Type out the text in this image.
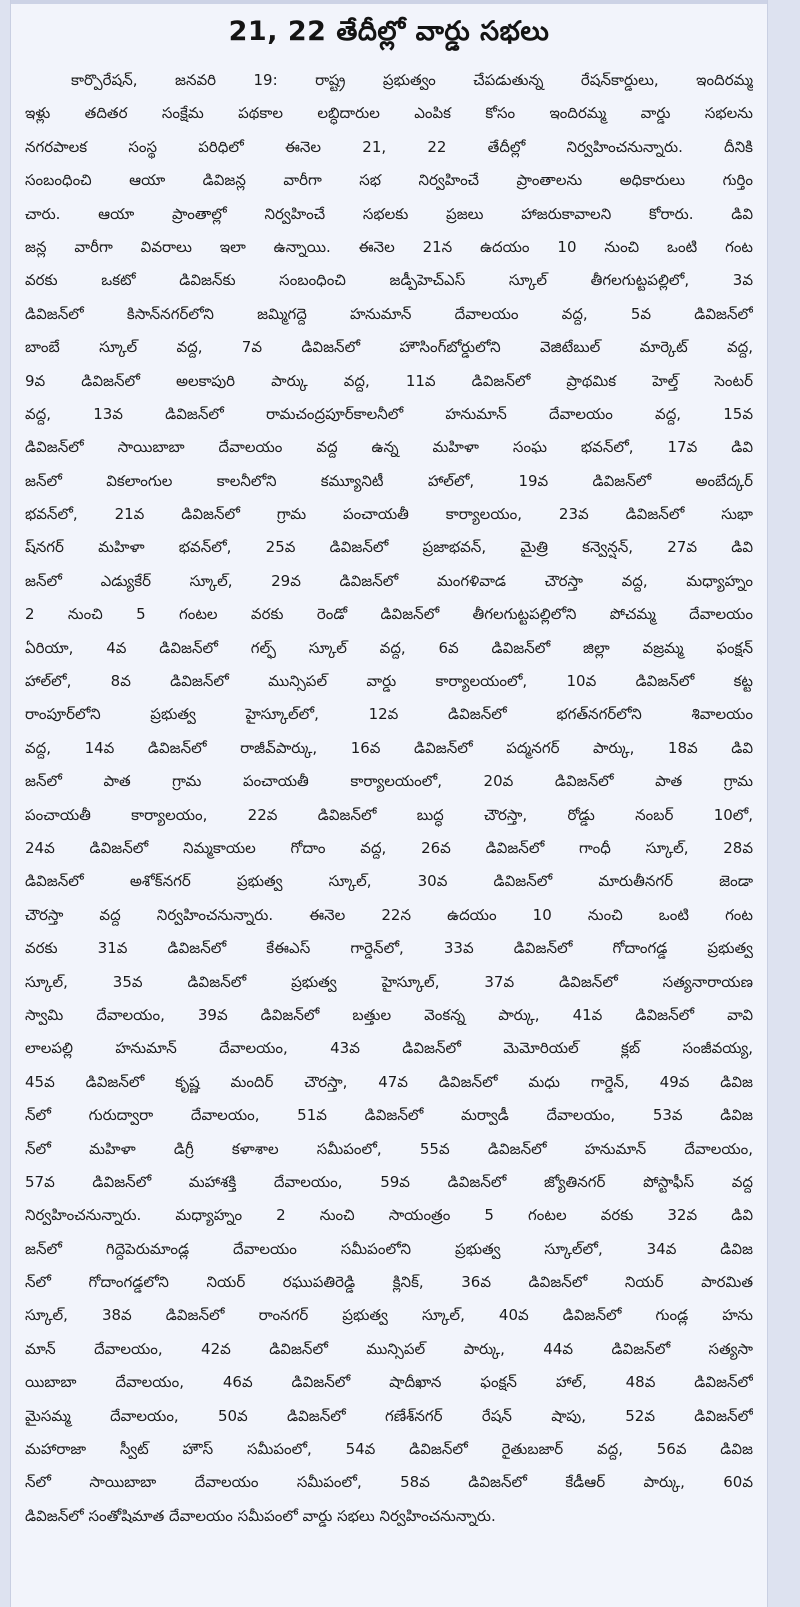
21, 22 తేదీల్లో వార్డు సభలు
కార్పొరేషన్, జనవరి 19: రాష్ట్ర ప్రభుత్వం చేపడుతున్న రేషన్‌కార్డులు, ఇందిరమ్మ
ఇళ్లు తదితర సంక్షేమ పథకాల లబ్ధిదారుల ఎంపిక కోసం ఇందిరమ్మ వార్డు సభలను
నగరపాలక సంస్థ పరిధిలో ఈనెల 21, 22 తేదీల్లో నిర్వహించనున్నారు. దీనికి
సంబంధించి ఆయా డివిజన్ల వారీగా సభ నిర్వహించే ప్రాంతాలను అధికారులు గుర్తిం
చారు. ఆయా ప్రాంతాల్లో నిర్వహించే సభలకు ప్రజలు హాజరుకావాలని కోరారు. డివి
జన్ల వారీగా వివరాలు ఇలా ఉన్నాయి. ఈనెల 21న ఉదయం 10 నుంచి ఒంటి గంట
వరకు ఒకటో డివిజన్‌కు సంబంధించి జడ్పీహెచ్ఎస్ స్కూల్ తీగలగుట్టపల్లిలో, 3వ
డివిజన్‌లో కిసాన్‌నగర్‌లోని జమ్మిగద్దె హనుమాన్ దేవాలయం వద్ద, 5వ డివిజన్‌లో
బాంబే స్కూల్ వద్ద, 7వ డివిజన్‌లో హౌసింగ్‌బోర్డులోని వెజిటేబుల్ మార్కెట్ వద్ద,
9వ డివిజన్‌లో అలకాపురి పార్కు వద్ద, 11వ డివిజన్‌లో ప్రాథమిక హెల్త్ సెంటర్
వద్ద, 13వ డివిజన్‌లో రామచంద్రపూర్‌కాలనీలో హనుమాన్ దేవాలయం వద్ద, 15వ
డివిజన్‌లో సాయిబాబా దేవాలయం వద్ద ఉన్న మహిళా సంఘ భవన్‌లో, 17వ డివి
జన్‌లో వికలాంగుల కాలనీలోని కమ్యూనిటీ హాల్‌లో, 19వ డివిజన్‌లో అంబేద్కర్
భవన్‌లో, 21వ డివిజన్‌లో గ్రామ పంచాయతీ కార్యాలయం, 23వ డివిజన్‌లో సుభా
ష్‌నగర్ మహిళా భవన్‌లో, 25వ డివిజన్‌లో ప్రజాభవన్, మైత్రి కన్వెన్షన్, 27వ డివి
జన్‌లో ఎడ్యుకేర్ స్కూల్, 29వ డివిజన్‌లో మంగళివాడ చౌరస్తా వద్ద, మధ్యాహ్నం
2 నుంచి 5 గంటల వరకు రెండో డివిజన్‌లో తీగలగుట్టపల్లిలోని పోచమ్మ దేవాలయం
ఏరియా, 4వ డివిజన్‌లో గల్ఫ్ స్కూల్ వద్ద, 6వ డివిజన్‌లో జిల్లా వజ్రమ్మ ఫంక్షన్
హాల్‌లో, 8వ డివిజన్‌లో మున్సిపల్ వార్డు కార్యాలయంలో, 10వ డివిజన్‌లో కట్ట
రాంపూర్‌లోని ప్రభుత్వ హైస్కూల్‌లో, 12వ డివిజన్‌లో భగత్‌నగర్‌లోని శివాలయం
వద్ద, 14వ డివిజన్‌లో రాజీవ్‌పార్కు, 16వ డివిజన్‌లో పద్మనగర్ పార్కు, 18వ డివి
జన్‌లో పాత గ్రామ పంచాయతీ కార్యాలయంలో, 20వ డివిజన్‌లో పాత గ్రామ
పంచాయతీ కార్యాలయం, 22వ డివిజన్‌లో బుద్ధ చౌరస్తా, రోడ్డు నంబర్ 10లో,
24వ డివిజన్‌లో నిమ్మకాయల గోదాం వద్ద, 26వ డివిజన్‌లో గాంధీ స్కూల్, 28వ
డివిజన్‌లో అశోక్‌నగర్ ప్రభుత్వ స్కూల్, 30వ డివిజన్‌లో మారుతీనగర్ జెండా
చౌరస్తా వద్ద నిర్వహించనున్నారు. ఈనెల 22న ఉదయం 10 నుంచి ఒంటి గంట
వరకు 31వ డివిజన్‌లో కేఈఎస్ గార్డెన్‌లో, 33వ డివిజన్‌లో గోదాంగడ్డ ప్రభుత్వ
స్కూల్, 35వ డివిజన్‌లో ప్రభుత్వ హైస్కూల్, 37వ డివిజన్‌లో సత్యనారాయణ
స్వామి దేవాలయం, 39వ డివిజన్‌లో బత్తుల వెంకన్న పార్కు, 41వ డివిజన్‌లో వావి
లాలపల్లి హనుమాన్ దేవాలయం, 43వ డివిజన్‌లో మెమోరియల్ క్లబ్ సంజీవయ్య,
45వ డివిజన్‌లో కృష్ణ మందిర్ చౌరస్తా, 47వ డివిజన్‌లో మధు గార్డెన్, 49వ డివిజ
న్‌లో గురుద్వారా దేవాలయం, 51వ డివిజన్‌లో మర్వాడీ దేవాలయం, 53వ డివిజ
న్‌లో మహిళా డిగ్రీ కళాశాల సమీపంలో, 55వ డివిజన్‌లో హనుమాన్ దేవాలయం,
57వ డివిజన్‌లో మహాశక్తి దేవాలయం, 59వ డివిజన్‌లో జ్యోతినగర్ పోస్టాఫీస్ వద్ద
నిర్వహించనున్నారు. మధ్యాహ్నం 2 నుంచి సాయంత్రం 5 గంటల వరకు 32వ డివి
జన్‌లో గిద్దెపెరుమాండ్ల దేవాలయం సమీపంలోని ప్రభుత్వ స్కూల్‌లో, 34వ డివిజ
న్‌లో గోదాంగడ్డలోని నియర్ రఘుపతిరెడ్డి క్లినిక్, 36వ డివిజన్‌లో నియర్ పారమిత
స్కూల్, 38వ డివిజన్‌లో రాంనగర్ ప్రభుత్వ స్కూల్, 40వ డివిజన్‌లో గుండ్ల హను
మాన్ దేవాలయం, 42వ డివిజన్‌లో మున్సిపల్ పార్కు, 44వ డివిజన్‌లో సత్యసా
యిబాబా దేవాలయం, 46వ డివిజన్‌లో షాదీఖాన ఫంక్షన్ హాల్, 48వ డివిజన్‌లో
మైసమ్మ దేవాలయం, 50వ డివిజన్‌లో గణేశ్‌నగర్ రేషన్ షాపు, 52వ డివిజన్‌లో
మహారాజా స్వీట్ హౌస్ సమీపంలో, 54వ డివిజన్‌లో రైతుబజార్ వద్ద, 56వ డివిజ
న్‌లో సాయిబాబా దేవాలయం సమీపంలో, 58వ డివిజన్‌లో కేడీఆర్ పార్కు, 60వ
డివిజన్‌లో సంతోషిమాత దేవాలయం సమీపంలో వార్డు సభలు నిర్వహించనున్నారు.
